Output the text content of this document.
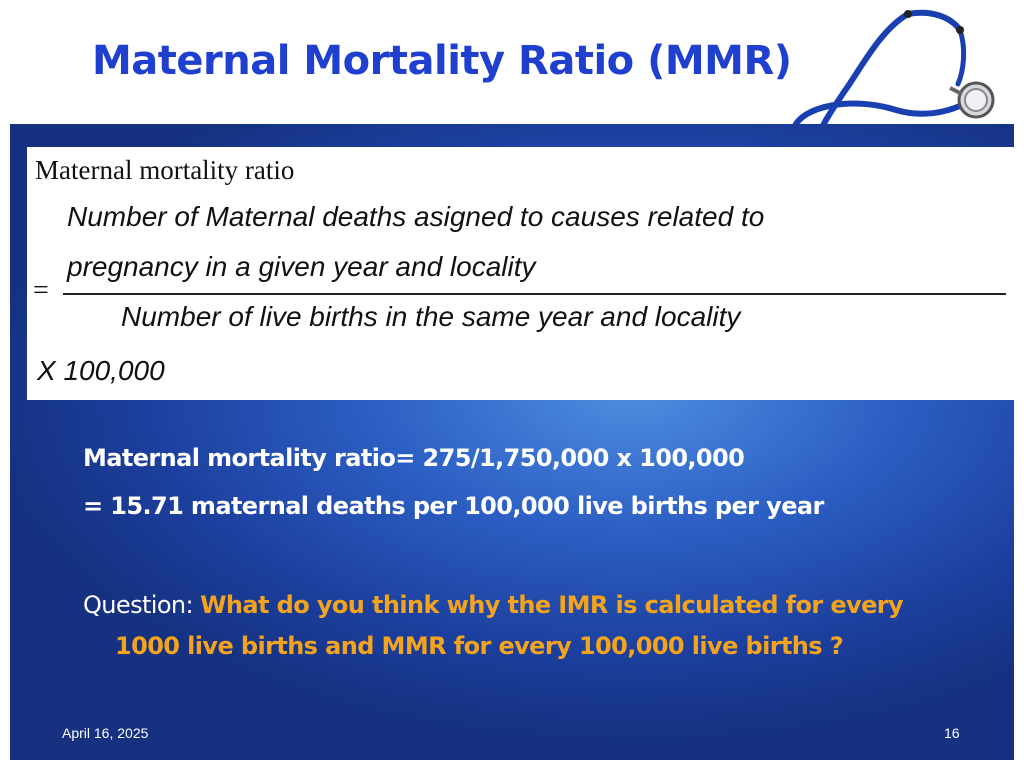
Maternal Mortality Ratio (MMR)
Maternal mortality ratio
Number of Maternal deaths asigned to causes related to
pregnancy in a given year and locality
=
Number of live births in the same year and locality
X 100,000
Maternal mortality ratio= 275/1,750,000 x 100,000
= 15.71 maternal deaths per 100,000 live births per year
Question: What do you think why the IMR is calculated for every
1000 live births and MMR for every 100,000 live births ?
April 16, 2025	16
